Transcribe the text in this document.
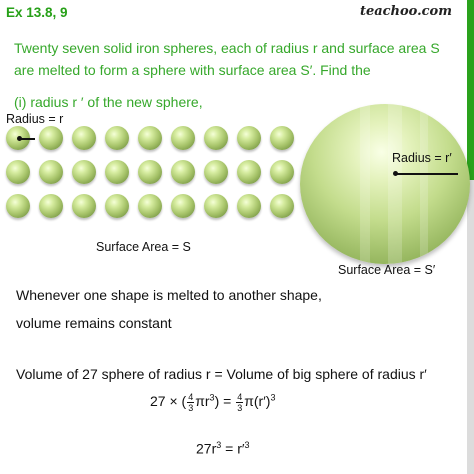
Ex 13.8, 9	teachoo.com
Twenty seven solid iron spheres, each of radius r and surface area S are melted to form a sphere with surface area S′. Find the
(i) radius r ′ of the new sphere,
Radius = r
Surface Area = S
Radius = r′
Surface Area = S′
Whenever one shape is melted to another shape,
volume remains constant
Volume of 27 sphere of radius r = Volume of big sphere of radius r′
27 × ( $\frac{4}{3} \pi r^3) = \frac{4}{3} \pi(r')^3$
$27r^3 = r'^3$
